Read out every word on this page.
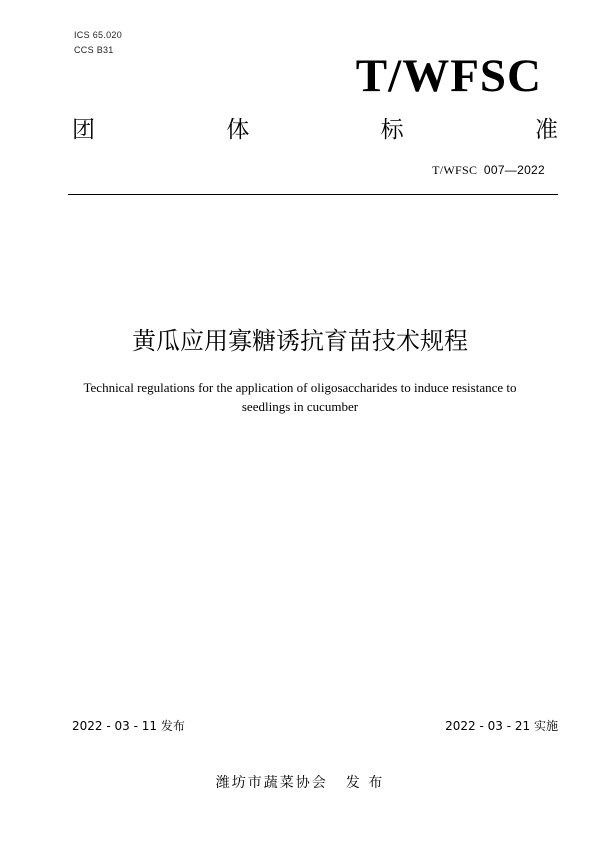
ICS 65.020
CCS B31	T/WFSC
团	体	标	准
T/WFSC 007—2022
黄瓜应用寡糖诱抗育苗技术规程
Technical regulations for the application of oligosaccharides to induce resistance to seedlings in cucumber
2022 - 03 - 11 发布	2022 - 03 - 21 实施
潍坊市蔬菜协会 发 布
